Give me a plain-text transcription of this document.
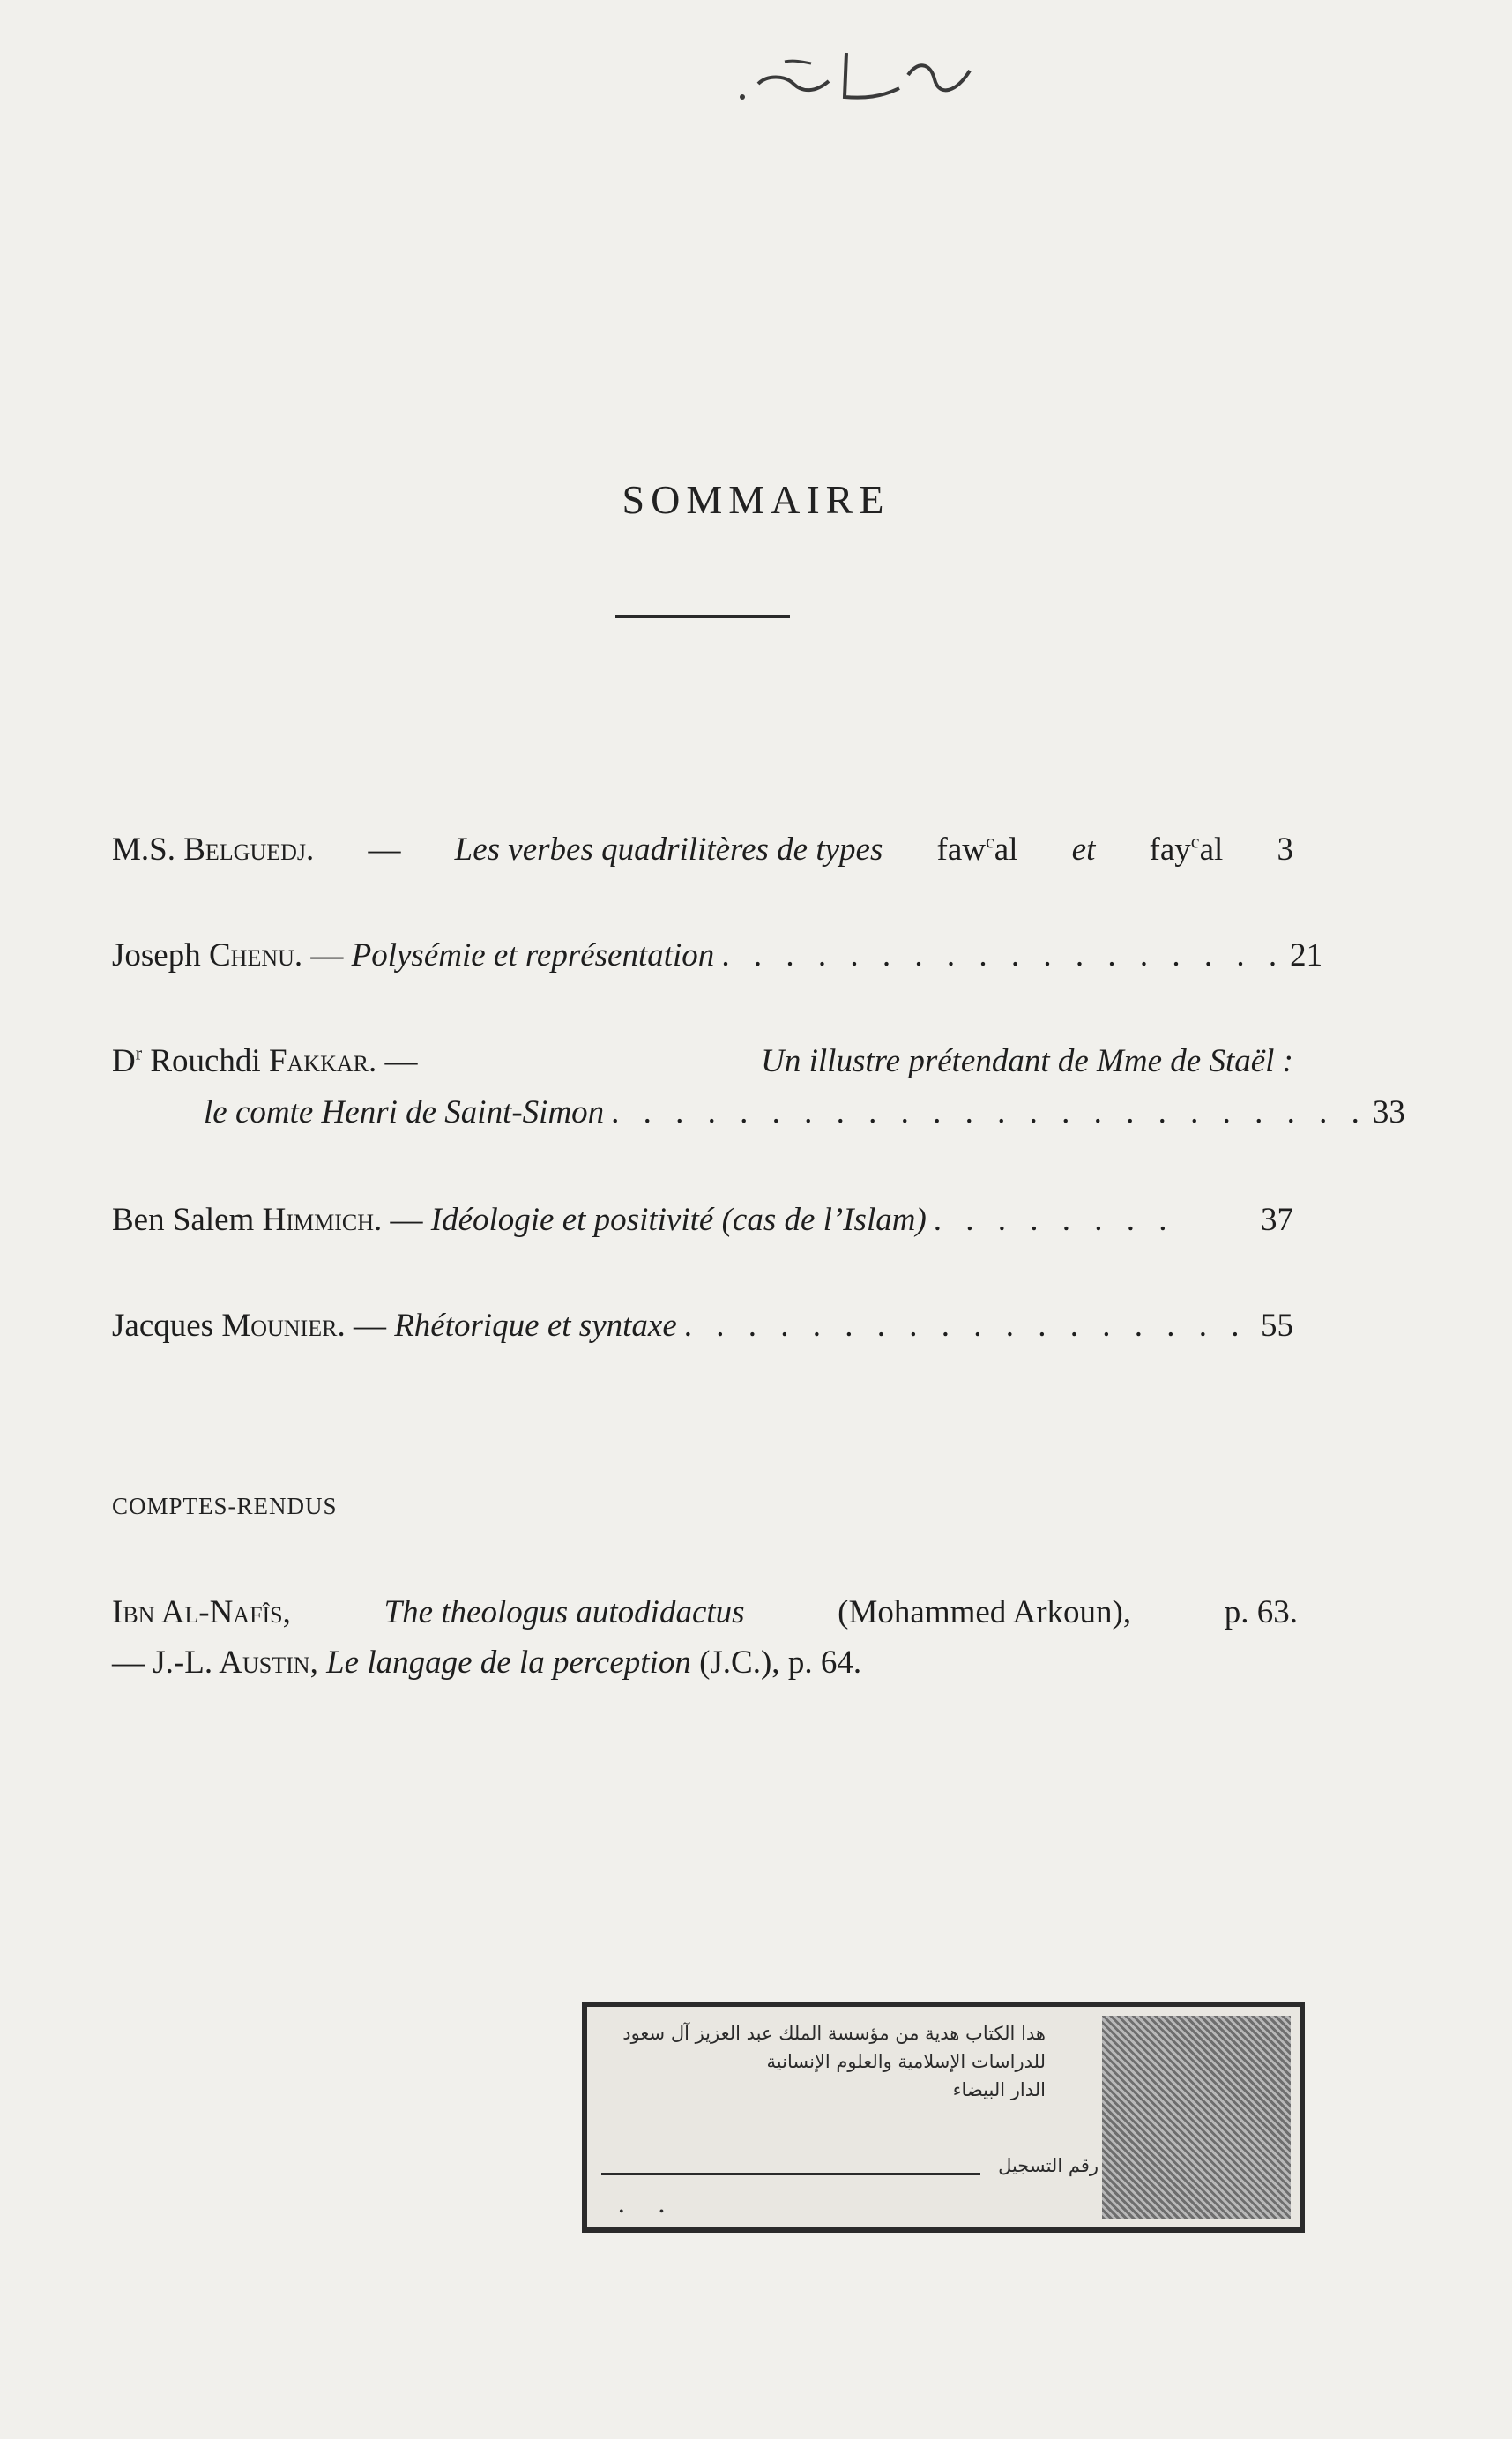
SOMMAIRE
M.S. Belguedj. — Les verbes quadrilitères de types faw$^c$al et fay$^c$al 3
Joseph Chenu. — Polysémie et représentation . . . . . . . . . . . . . . . . . . 21
$D^r$ Rouchdi Fakkar. —	Un illustre prétendant de Mme de Staël :
le comte Henri de Saint-Simon . . . . . . . . . . . . . . . . . . . . . . . . 33
Ben Salem Himmich. — Idéologie et positivité (cas de l’Islam) . . . . . . . .	37
Jacques Mounier. — Rhétorique et syntaxe . . . . . . . . . . . . . . . . . . 55
COMPTES-RENDUS
Ibn Al-Nafîs,	The theologus autodidactus	(Mohammed Arkoun),	p. 63.
— J.-L. Austin, Le langage de la perception (J.C.), p. 64.
هدا الكتاب هدية من مؤسسة الملك عبد العزيز آل سعود
للدراسات الإسلامية والعلوم الإنسانية
الدار البيضاء
رقم التسجيل
• •
